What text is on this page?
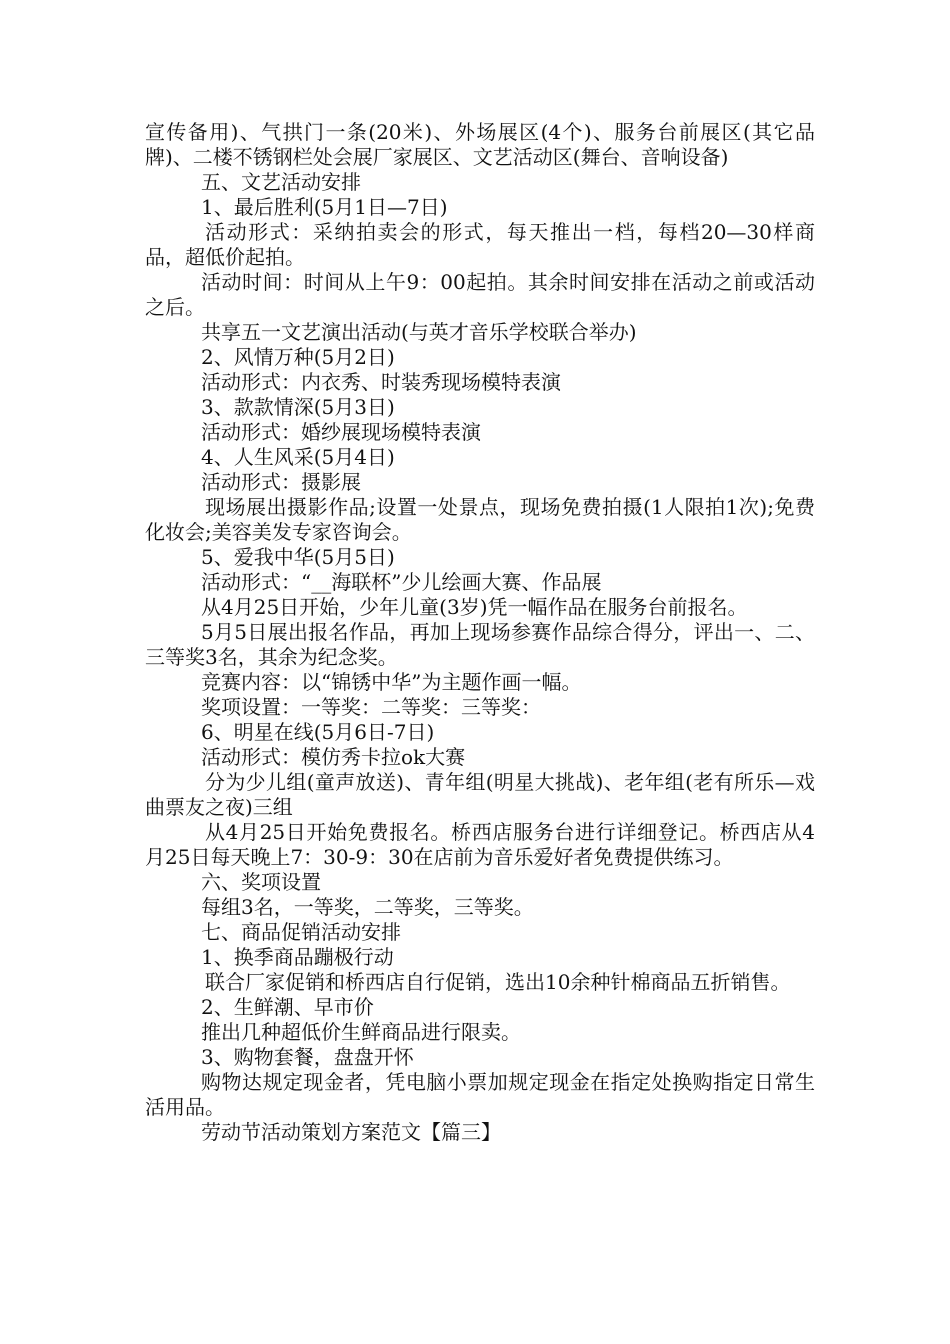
宣传备用)、气拱门一条(20米)、外场展区(4个)、服务台前展区(其它品牌)、二楼不锈钢栏处会展厂家展区、文艺活动区(舞台、音响设备)

五、文艺活动安排

1、最后胜利(5月1日—7日)

活动形式：采纳拍卖会的形式，每天推出一档，每档20—30样商品，超低价起拍。

活动时间：时间从上午9：00起拍。其余时间安排在活动之前或活动之后。

共享五一文艺演出活动(与英才音乐学校联合举办)

2、风情万种(5月2日)

活动形式：内衣秀、时装秀现场模特表演

3、款款情深(5月3日)

活动形式：婚纱展现场模特表演

4、人生风采(5月4日)

活动形式：摄影展

现场展出摄影作品;设置一处景点，现场免费拍摄(1人限拍1次);免费化妆会;美容美发专家咨询会。

5、爱我中华(5月5日)

活动形式：“__海联杯”少儿绘画大赛、作品展

从4月25日开始，少年儿童(3岁)凭一幅作品在服务台前报名。

5月5日展出报名作品，再加上现场参赛作品综合得分，评出一、二、三等奖3名，其余为纪念奖。

竞赛内容：以“锦锈中华”为主题作画一幅。

奖项设置：一等奖：二等奖：三等奖：

6、明星在线(5月6日-7日)

活动形式：模仿秀卡拉ok大赛

分为少儿组(童声放送)、青年组(明星大挑战)、老年组(老有所乐—戏曲票友之夜)三组

从4月25日开始免费报名。桥西店服务台进行详细登记。桥西店从4月25日每天晚上7：30-9：30在店前为音乐爱好者免费提供练习。

六、奖项设置

每组3名，一等奖，二等奖，三等奖。

七、商品促销活动安排

1、换季商品蹦极行动

联合厂家促销和桥西店自行促销，选出10余种针棉商品五折销售。

2、生鲜潮、早市价

推出几种超低价生鲜商品进行限卖。

3、购物套餐，盘盘开怀

购物达规定现金者，凭电脑小票加规定现金在指定处换购指定日常生活用品。

劳动节活动策划方案范文【篇三】
